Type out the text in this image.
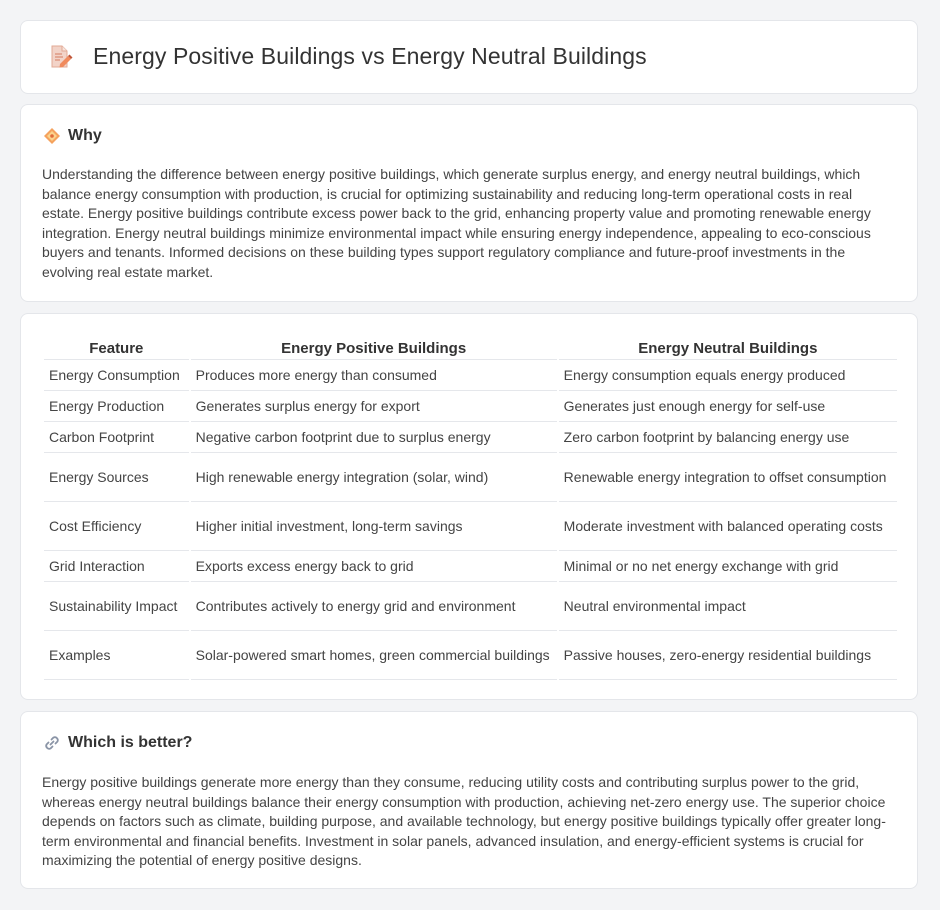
Energy Positive Buildings vs Energy Neutral Buildings
Why

Understanding the difference between energy positive buildings, which generate surplus energy, and energy neutral buildings, which balance energy consumption with production, is crucial for optimizing sustainability and reducing long-term operational costs in real estate. Energy positive buildings contribute excess power back to the grid, enhancing property value and promoting renewable energy integration. Energy neutral buildings minimize environmental impact while ensuring energy independence, appealing to eco-conscious buyers and tenants. Informed decisions on these building types support regulatory compliance and future-proof investments in the evolving real estate market.

Feature	Energy Positive Buildings	Energy Neutral Buildings
Energy Consumption	Produces more energy than consumed	Energy consumption equals energy produced
Energy Production	Generates surplus energy for export	Generates just enough energy for self-use
Carbon Footprint	Negative carbon footprint due to surplus energy	Zero carbon footprint by balancing energy use
Energy Sources	High renewable energy integration (solar, wind)	Renewable energy integration to offset consumption
Cost Efficiency	Higher initial investment, long-term savings	Moderate investment with balanced operating costs
Grid Interaction	Exports excess energy back to grid	Minimal or no net energy exchange with grid
Sustainability Impact	Contributes actively to energy grid and environment	Neutral environmental impact
Examples	Solar-powered smart homes, green commercial buildings	Passive houses, zero-energy residential buildings
Which is better?

Energy positive buildings generate more energy than they consume, reducing utility costs and contributing surplus power to the grid, whereas energy neutral buildings balance their energy consumption with production, achieving net-zero energy use. The superior choice depends on factors such as climate, building purpose, and available technology, but energy positive buildings typically offer greater long-term environmental and financial benefits. Investment in solar panels, advanced insulation, and energy-efficient systems is crucial for maximizing the potential of energy positive designs.
